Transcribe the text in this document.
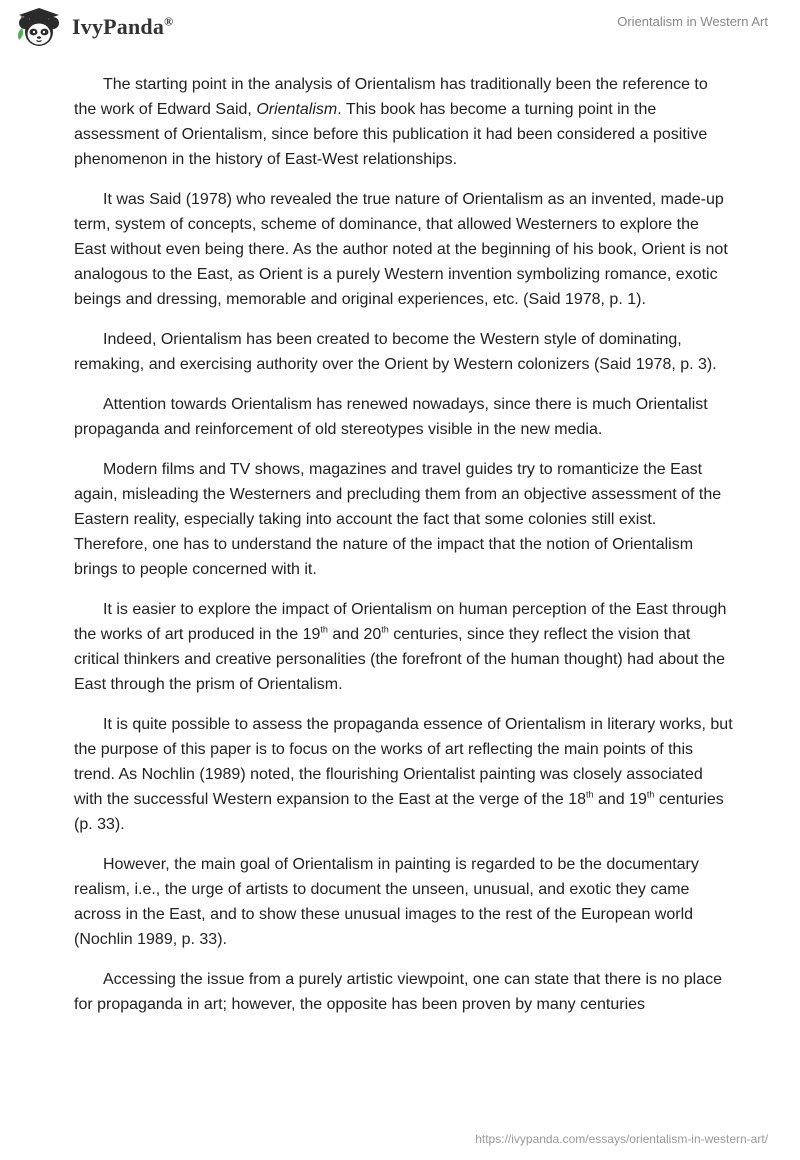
IvyPanda®	Orientalism in Western Art

The starting point in the analysis of Orientalism has traditionally been the reference to the work of Edward Said, Orientalism. This book has become a turning point in the assessment of Orientalism, since before this publication it had been considered a positive phenomenon in the history of East-West relationships.

It was Said (1978) who revealed the true nature of Orientalism as an invented, made-up term, system of concepts, scheme of dominance, that allowed Westerners to explore the East without even being there. As the author noted at the beginning of his book, Orient is not analogous to the East, as Orient is a purely Western invention symbolizing romance, exotic beings and dressing, memorable and original experiences, etc. (Said 1978, p. 1).

Indeed, Orientalism has been created to become the Western style of dominating, remaking, and exercising authority over the Orient by Western colonizers (Said 1978, p. 3).

Attention towards Orientalism has renewed nowadays, since there is much Orientalist propaganda and reinforcement of old stereotypes visible in the new media.

Modern films and TV shows, magazines and travel guides try to romanticize the East again, misleading the Westerners and precluding them from an objective assessment of the Eastern reality, especially taking into account the fact that some colonies still exist. Therefore, one has to understand the nature of the impact that the notion of Orientalism brings to people concerned with it.

It is easier to explore the impact of Orientalism on human perception of the East through the works of art produced in the 19th and 20th centuries, since they reflect the vision that critical thinkers and creative personalities (the forefront of the human thought) had about the East through the prism of Orientalism.

It is quite possible to assess the propaganda essence of Orientalism in literary works, but the purpose of this paper is to focus on the works of art reflecting the main points of this trend. As Nochlin (1989) noted, the flourishing Orientalist painting was closely associated with the successful Western expansion to the East at the verge of the 18th and 19th centuries (p. 33).

However, the main goal of Orientalism in painting is regarded to be the documentary realism, i.e., the urge of artists to document the unseen, unusual, and exotic they came across in the East, and to show these unusual images to the rest of the European world (Nochlin 1989, p. 33).

Accessing the issue from a purely artistic viewpoint, one can state that there is no place for propaganda in art; however, the opposite has been proven by many centuries

https://ivypanda.com/essays/orientalism-in-western-art/
